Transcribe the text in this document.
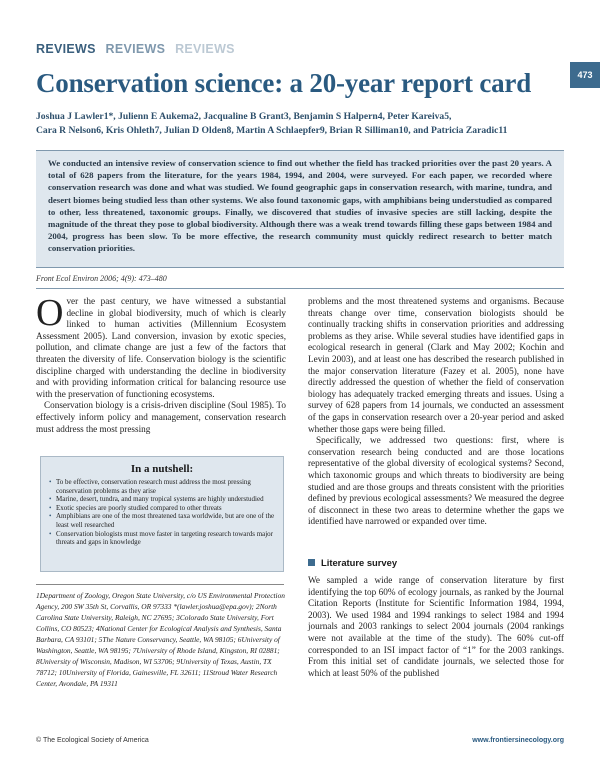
REVIEWS REVIEWS REVIEWS
473
Conservation science: a 20-year report card
Joshua J Lawler1*, Julienn E Aukema2, Jacqualine B Grant3, Benjamin S Halpern4, Peter Kareiva5,
Cara R Nelson6, Kris Ohleth7, Julian D Olden8, Martin A Schlaepfer9, Brian R Silliman10, and Patricia Zaradic11

We conducted an intensive review of conservation science to find out whether the field has tracked priorities over the past 20 years. A total of 628 papers from the literature, for the years 1984, 1994, and 2004, were surveyed. For each paper, we recorded where conservation research was done and what was studied. We found geographic gaps in conservation research, with marine, tundra, and desert biomes being studied less than other systems. We also found taxonomic gaps, with amphibians being understudied as compared to other, less threatened, taxonomic groups. Finally, we discovered that studies of invasive species are still lacking, despite the magnitude of the threat they pose to global biodiversity. Although there was a weak trend towards filling these gaps between 1984 and 2004, progress has been slow. To be more effective, the research community must quickly redirect research to better match conservation priorities.

Front Ecol Environ 2006; 4(9): 473–480

O ver the past century, we have witnessed a substantial decline in global biodiversity, much of which is clearly linked to human activities (Millennium Ecosystem Assessment 2005). Land conversion, invasion by exotic species, pollution, and climate change are just a few of the factors that threaten the diversity of life. Conservation biology is the scientific discipline charged with understanding the decline in biodiversity and with providing information critical for balancing resource use with the preservation of functioning ecosystems.

Conservation biology is a crisis-driven discipline (Soul 1985). To effectively inform policy and management, conservation research must address the most pressing

In a nutshell:
• To be effective, conservation research must address the most pressing conservation problems as they arise
• Marine, desert, tundra, and many tropical systems are highly understudied
• Exotic species are poorly studied compared to other threats
• Amphibians are one of the most threatened taxa worldwide, but are one of the least well researched
• Conservation biologists must move faster in targeting research towards major threats and gaps in knowledge
1Department of Zoology, Oregon State University, c/o US Environmental Protection Agency, 200 SW 35th St, Corvallis, OR 97333 *(lawler.joshua@epa.gov); 2North Carolina State University, Raleigh, NC 27695; 3Colorado State University, Fort Collins, CO 80523; 4National Center for Ecological Analysis and Synthesis, Santa Barbara, CA 93101; 5The Nature Conservancy, Seattle, WA 98105; 6University of Washington, Seattle, WA 98195; 7University of Rhode Island, Kingston, RI 02881; 8University of Wisconsin, Madison, WI 53706; 9University of Texas, Austin, TX 78712; 10University of Florida, Gainesville, FL 32611; 11Stroud Water Research Center, Avondale, PA 19311

problems and the most threatened systems and organisms. Because threats change over time, conservation biologists should be continually tracking shifts in conservation priorities and addressing problems as they arise. While several studies have identified gaps in ecological research in general (Clark and May 2002; Kochin and Levin 2003), and at least one has described the research published in the major conservation literature (Fazey et al. 2005), none have directly addressed the question of whether the field of conservation biology has adequately tracked emerging threats and issues. Using a survey of 628 papers from 14 journals, we conducted an assessment of the gaps in conservation research over a 20-year period and asked whether those gaps were being filled.

Specifically, we addressed two questions: first, where is conservation research being conducted and are those locations representative of the global diversity of ecological systems? Second, which taxonomic groups and which threats to biodiversity are being studied and are those groups and threats consistent with the priorities defined by previous ecological assessments? We measured the degree of disconnect in these two areas to determine whether the gaps we identified have narrowed or expanded over time.

Literature survey

We sampled a wide range of conservation literature by first identifying the top 60% of ecology journals, as ranked by the Journal Citation Reports (Institute for Scientific Information 1984, 1994, 2003). We used 1984 and 1994 rankings to select 1984 and 1994 journals and 2003 rankings to select 2004 journals (2004 rankings were not available at the time of the study). The 60% cut-off corresponded to an ISI impact factor of “1” for the 2003 rankings. From this initial set of candidate journals, we selected those for which at least 50% of the published

© The Ecological Society of America	www.frontiersinecology.org
